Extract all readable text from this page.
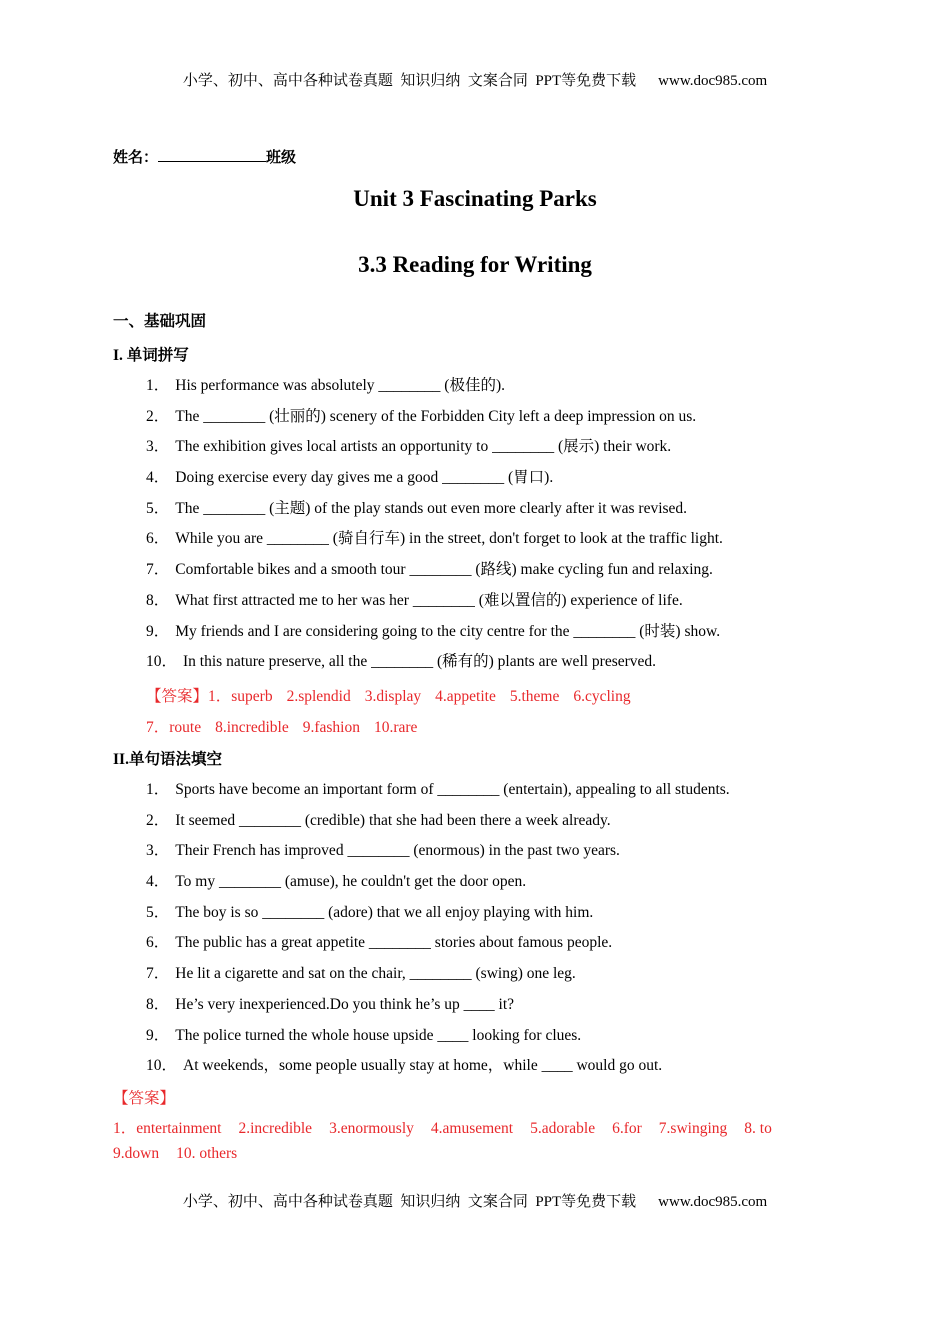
小学、初中、高中各种试卷真题  知识归纳  文案合同  PPT等免费下载 www.doc985.com
姓名：	班级
Unit 3 Fascinating Parks
3.3 Reading for Writing
一、基础巩固
I. 单词拼写
1． His performance was absolutely ________ (极佳的).
2． The ________ (壮丽的) scenery of the Forbidden City left a deep impression on us.
3． The exhibition gives local artists an opportunity to ________ (展示) their work.
4． Doing exercise every day gives me a good ________ (胃口).
5． The ________ (主题) of the play stands out even more clearly after it was revised.
6． While you are ________ (骑自行车) in the street, don't forget to look at the traffic light.
7． Comfortable bikes and a smooth tour ________ (路线) make cycling fun and relaxing.
8． What first attracted me to her was her ________ (难以置信的) experience of life.
9． My friends and I are considering going to the city centre for the ________ (时装) show.
10． In this nature preserve, all the ________ (稀有的) plants are well preserved.
【答案】1．superb 2.splendid 3.display 4.appetite 5.theme 6.cycling
7．route 8.incredible 9.fashion 10.rare
II.单句语法填空
1． Sports have become an important form of ________ (entertain), appealing to all students.
2． It seemed ________ (credible) that she had been there a week already.
3． Their French has improved ________ (enormous) in the past two years.
4． To my ________ (amuse), he couldn't get the door open.
5． The boy is so ________ (adore) that we all enjoy playing with him.
6． The public has a great appetite ________ stories about famous people.
7． He lit a cigarette and sat on the chair, ________ (swing) one leg.
8． He’s very inexperienced.Do you think he’s up ____ it?
9． The police turned the whole house upside ____ looking for clues.
10． At weekends，some people usually stay at home，while ____ would go out.
【答案】
1．entertainment 2.incredible 3.enormously 4.amusement 5.adorable 6.for 7.swinging 8. to
9.down 10. others
小学、初中、高中各种试卷真题  知识归纳  文案合同  PPT等免费下载 www.doc985.com
